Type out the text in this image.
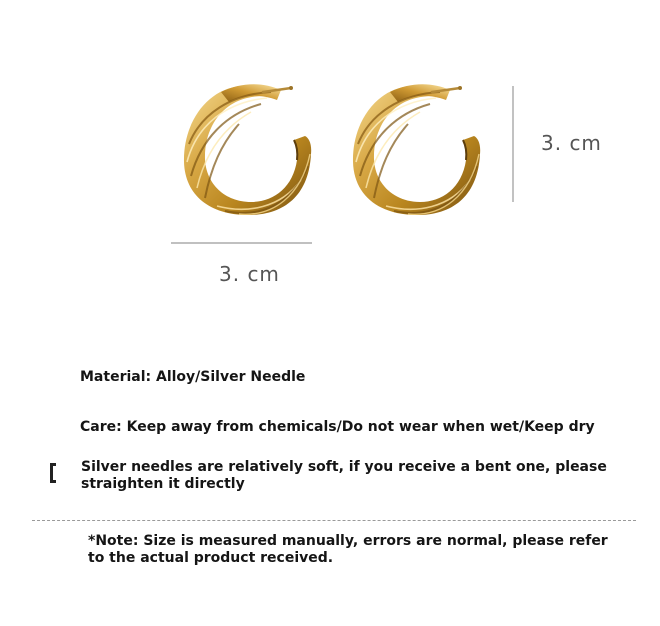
3. cm
3. cm
Material: Alloy/Silver Needle
Care: Keep away from chemicals/Do not wear when wet/Keep dry
Silver needles are relatively soft, if you receive a bent one, please straighten it directly
*Note: Size is measured manually, errors are normal, please refer to the actual product received.
